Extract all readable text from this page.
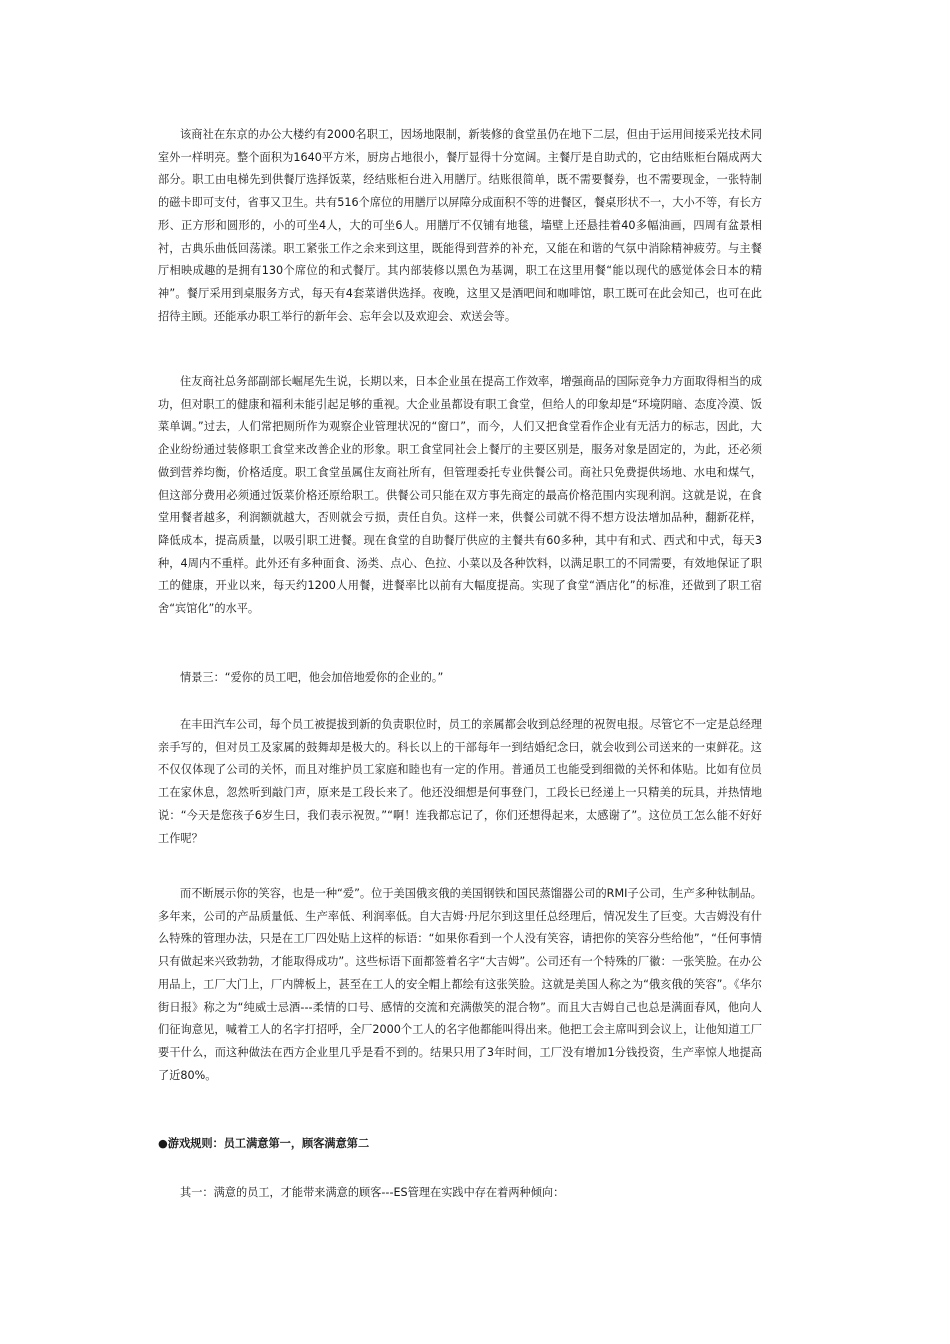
该商社在东京的办公大楼约有2000名职工，因场地限制，新装修的食堂虽仍在地下二层，但由于运用间接采光技术同室外一样明亮。整个面积为1640平方米，厨房占地很小，餐厅显得十分宽阔。主餐厅是自助式的，它由结账柜台隔成两大部分。职工由电梯先到供餐厅选择饭菜，经结账柜台进入用膳厅。结账很简单，既不需要餐券，也不需要现金，一张特制的磁卡即可支付，省事又卫生。共有516个席位的用膳厅以屏障分成面积不等的进餐区，餐桌形状不一，大小不等，有长方形、正方形和圆形的，小的可坐4人，大的可坐6人。用膳厅不仅铺有地毯，墙壁上还悬挂着40多幅油画，四周有盆景相衬，古典乐曲低回荡漾。职工紧张工作之余来到这里，既能得到营养的补充，又能在和谐的气氛中消除精神疲劳。与主餐厅相映成趣的是拥有130个席位的和式餐厅。其内部装修以黑色为基调，职工在这里用餐“能以现代的感觉体会日本的精神”。餐厅采用到桌服务方式，每天有4套菜谱供选择。夜晚，这里又是酒吧间和咖啡馆，职工既可在此会知己，也可在此招待主顾。还能承办职工举行的新年会、忘年会以及欢迎会、欢送会等。

住友商社总务部副部长崛尾先生说，长期以来，日本企业虽在提高工作效率，增强商品的国际竞争力方面取得相当的成功，但对职工的健康和福利未能引起足够的重视。大企业虽都设有职工食堂，但给人的印象却是“环境阴暗、态度冷漠、饭菜单调。”过去，人们常把厕所作为观察企业管理状况的“窗口”，而今，人们又把食堂看作企业有无活力的标志，因此，大企业纷纷通过装修职工食堂来改善企业的形象。职工食堂同社会上餐厅的主要区别是，服务对象是固定的，为此，还必须做到营养均衡，价格适度。职工食堂虽属住友商社所有，但管理委托专业供餐公司。商社只免费提供场地、水电和煤气，但这部分费用必须通过饭菜价格还原给职工。供餐公司只能在双方事先商定的最高价格范围内实现利润。这就是说，在食堂用餐者越多，利润额就越大，否则就会亏损，责任自负。这样一来，供餐公司就不得不想方设法增加品种，翻新花样，降低成本，提高质量，以吸引职工进餐。现在食堂的自助餐厅供应的主餐共有60多种，其中有和式、西式和中式，每天3种，4周内不重样。此外还有多种面食、汤类、点心、色拉、小菜以及各种饮料，以满足职工的不同需要，有效地保证了职工的健康，开业以来，每天约1200人用餐，进餐率比以前有大幅度提高。实现了食堂“酒店化”的标准，还做到了职工宿舍“宾馆化”的水平。

情景三：“爱你的员工吧，他会加倍地爱你的企业的。”

在丰田汽车公司，每个员工被提拔到新的负责职位时，员工的亲属都会收到总经理的祝贺电报。尽管它不一定是总经理亲手写的，但对员工及家属的鼓舞却是极大的。科长以上的干部每年一到结婚纪念曰，就会收到公司送来的一束鲜花。这不仅仅体现了公司的关怀，而且对维护员工家庭和睦也有一定的作用。普通员工也能受到细微的关怀和体贴。比如有位员工在家休息，忽然听到敲门声，原来是工段长来了。他还没细想是何事登门，工段长已经递上一只精美的玩具，并热情地说：“今天是您孩子6岁生曰，我们表示祝贺。”“啊！连我都忘记了，你们还想得起来，太感谢了”。这位员工怎么能不好好工作呢？

而不断展示你的笑容，也是一种“爱”。位于美国俄亥俄的美国钢铁和国民蒸馏器公司的RMI子公司，生产多种钛制品。多年来，公司的产品质量低、生产率低、利润率低。自大吉姆·丹尼尔到这里任总经理后，情况发生了巨变。大吉姆没有什么特殊的管理办法，只是在工厂四处贴上这样的标语：“如果你看到一个人没有笑容，请把你的笑容分些给他”，“任何事情只有做起来兴致勃勃，才能取得成功”。这些标语下面都签着名字“大吉姆”。公司还有一个特殊的厂徽：一张笑脸。在办公用品上，工厂大门上，厂内牌板上，甚至在工人的安全帽上都绘有这张笑脸。这就是美国人称之为“俄亥俄的笑容”。《华尔街日报》称之为“纯威士忌酒---柔情的口号、感情的交流和充满傲笑的混合物”。而且大吉姆自己也总是满面春风，他向人们征询意见，喊着工人的名字打招呼，全厂2000个工人的名字他都能叫得出来。他把工会主席叫到会议上，让他知道工厂要干什么，而这种做法在西方企业里几乎是看不到的。结果只用了3年时间，工厂没有增加1分钱投资，生产率惊人地提高了近80%。

●游戏规则：员工满意第一，顾客满意第二

其一：满意的员工，才能带来满意的顾客---ES管理在实践中存在着两种倾向：
